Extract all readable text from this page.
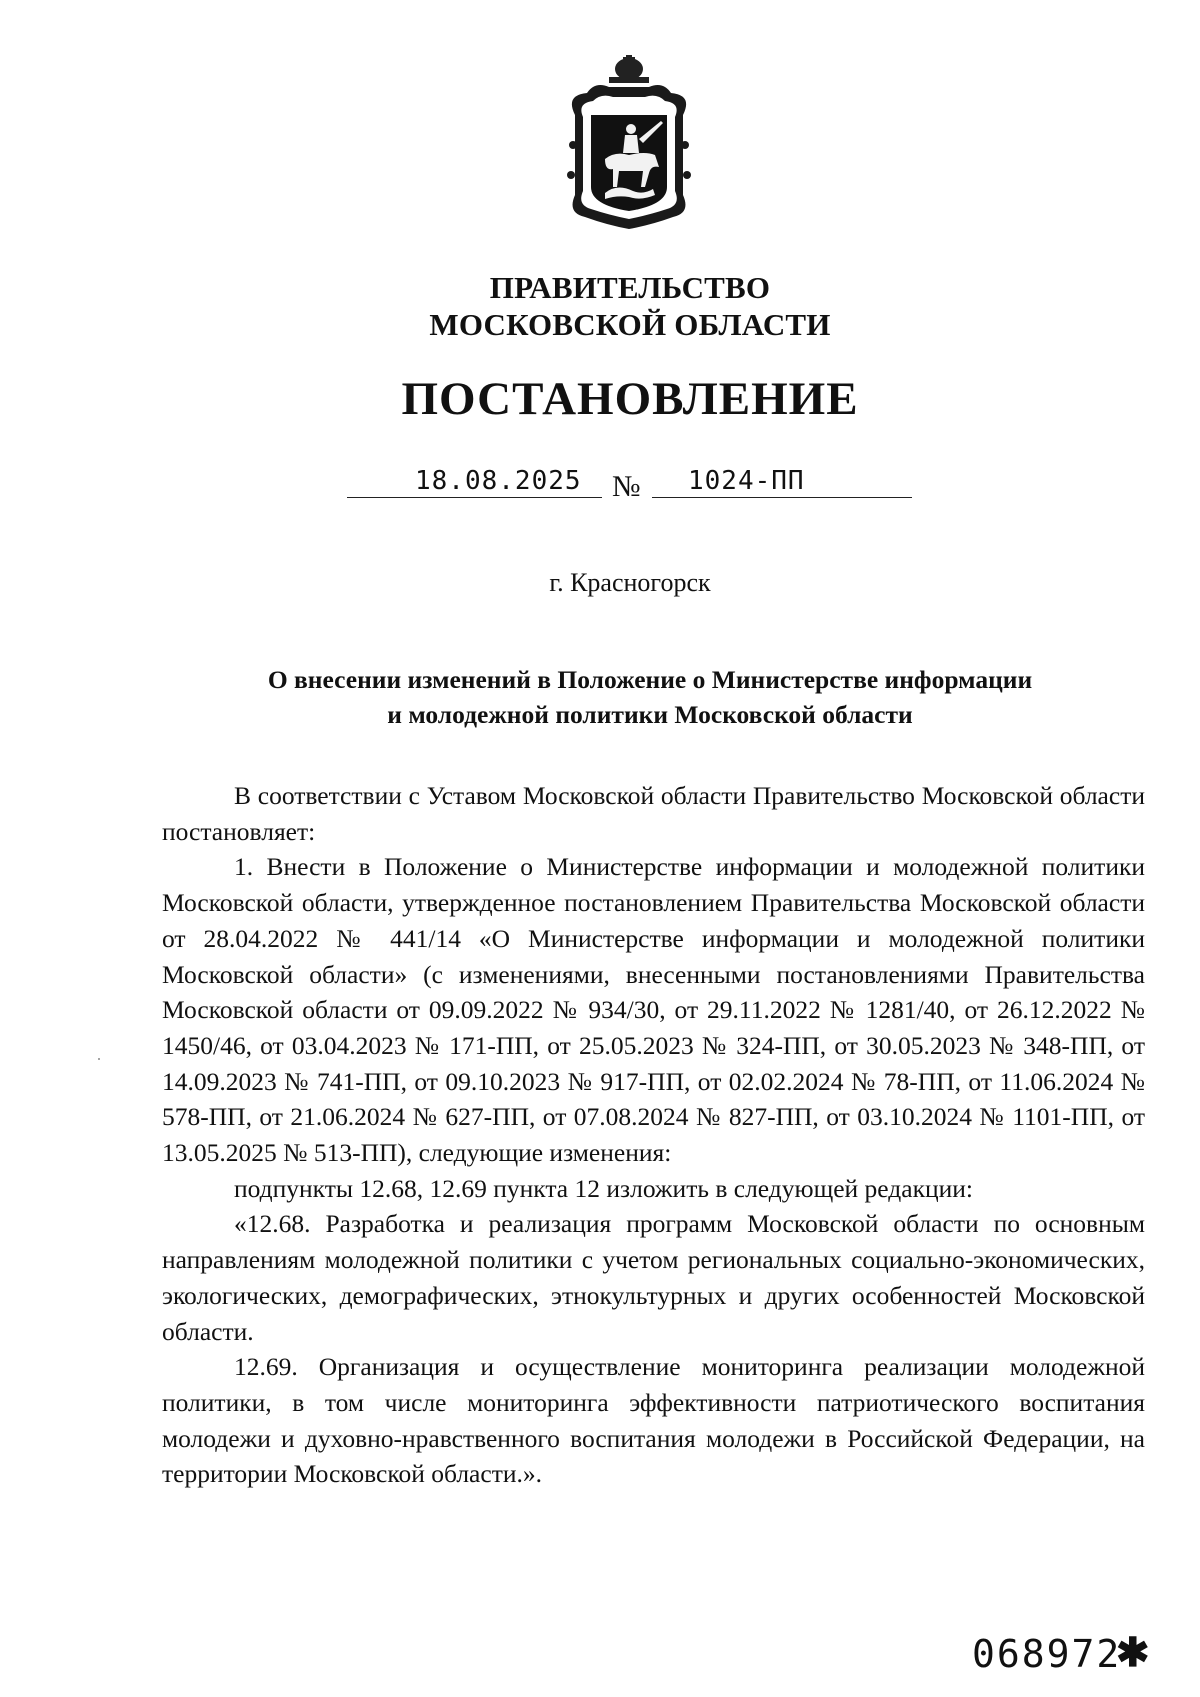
ПРАВИТЕЛЬСТВО
МОСКОВСКОЙ ОБЛАСТИ
ПОСТАНОВЛЕНИЕ
18.08.2025 № 1024-ПП
г. Красногорск
О внесении изменений в Положение о Министерстве информации
и молодежной политики Московской области

В соответствии с Уставом Московской области Правительство Московской области постановляет:

1. Внести в Положение о Министерстве информации и молодежной политики Московской области, утвержденное постановлением Правительства Московской области от 28.04.2022 № 441/14 «О Министерстве информации и молодежной политики Московской области» (с изменениями, внесенными постановлениями Правительства Московской области от 09.09.2022 № 934/30, от 29.11.2022 № 1281/40, от 26.12.2022 № 1450/46, от 03.04.2023 № 171-ПП, от 25.05.2023 № 324-ПП, от 30.05.2023 № 348-ПП, от 14.09.2023 № 741-ПП, от 09.10.2023 № 917-ПП, от 02.02.2024 № 78-ПП, от 11.06.2024 № 578-ПП, от 21.06.2024 № 627-ПП, от 07.08.2024 № 827-ПП, от 03.10.2024 № 1101-ПП, от 13.05.2025 № 513-ПП), следующие изменения:

подпункты 12.68, 12.69 пункта 12 изложить в следующей редакции:

«12.68. Разработка и реализация программ Московской области по основным направлениям молодежной политики с учетом региональных социально-экономических, экологических, демографических, этнокультурных и других особенностей Московской области.

12.69. Организация и осуществление мониторинга реализации молодежной политики, в том числе мониторинга эффективности патриотического воспитания молодежи и духовно-нравственного воспитания молодежи в Российской Федерации, на территории Московской области.».

068972
✱
